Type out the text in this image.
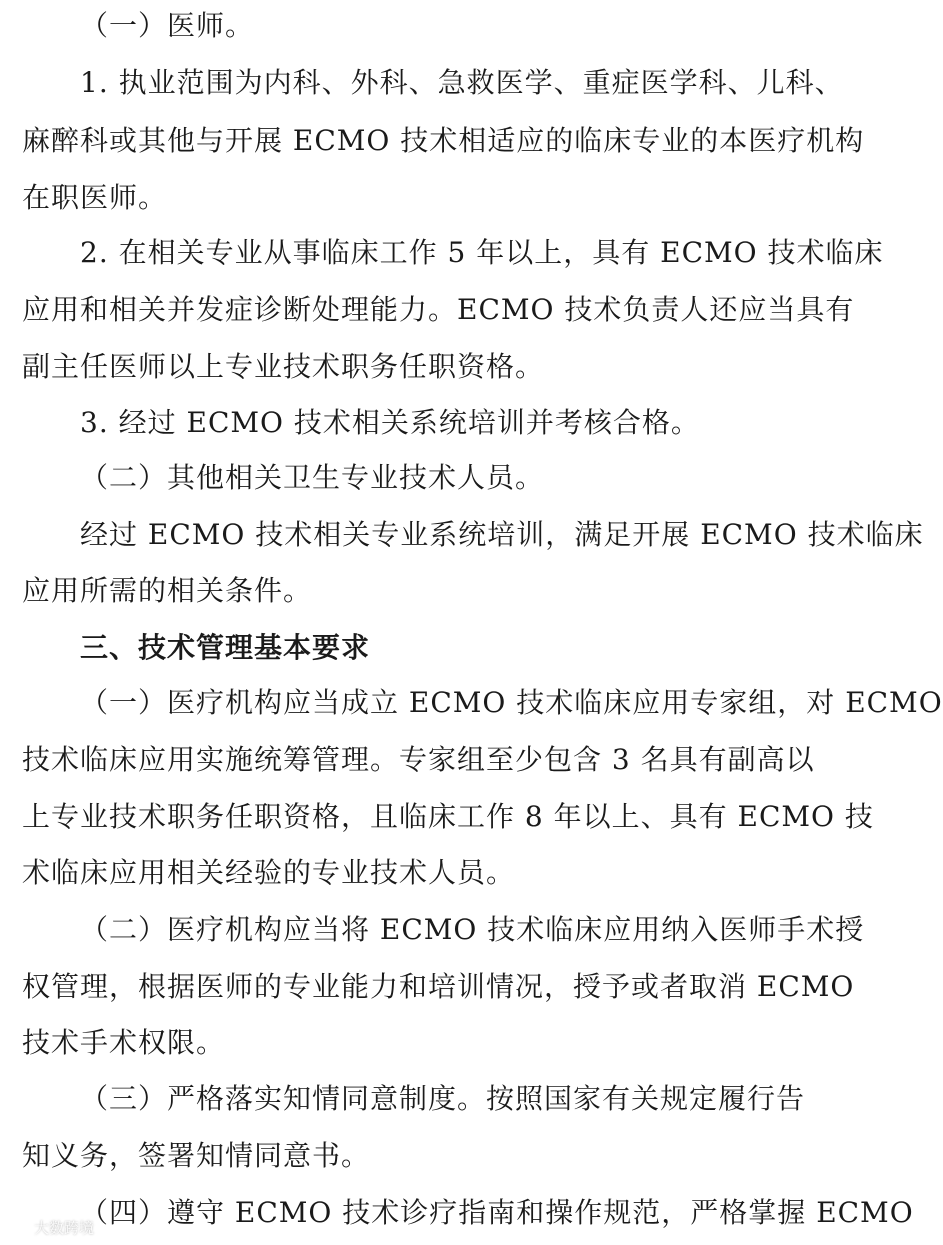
（一）医师。
1. 执业范围为内科、外科、急救医学、重症医学科、儿科、
麻醉科或其他与开展 ECMO 技术相适应的临床专业的本医疗机构
在职医师。
2. 在相关专业从事临床工作 5 年以上，具有 ECMO 技术临床
应用和相关并发症诊断处理能力。ECMO 技术负责人还应当具有
副主任医师以上专业技术职务任职资格。
3. 经过 ECMO 技术相关系统培训并考核合格。
（二）其他相关卫生专业技术人员。
经过 ECMO 技术相关专业系统培训，满足开展 ECMO 技术临床
应用所需的相关条件。
三、技术管理基本要求
（一）医疗机构应当成立 ECMO 技术临床应用专家组，对 ECMO
技术临床应用实施统筹管理。专家组至少包含 3 名具有副高以
上专业技术职务任职资格，且临床工作 8 年以上、具有 ECMO 技
术临床应用相关经验的专业技术人员。
（二）医疗机构应当将 ECMO 技术临床应用纳入医师手术授
权管理，根据医师的专业能力和培训情况，授予或者取消 ECMO
技术手术权限。
（三）严格落实知情同意制度。按照国家有关规定履行告
知义务，签署知情同意书。
（四）遵守 ECMO 技术诊疗指南和操作规范，严格掌握 ECMO
大数跨境
